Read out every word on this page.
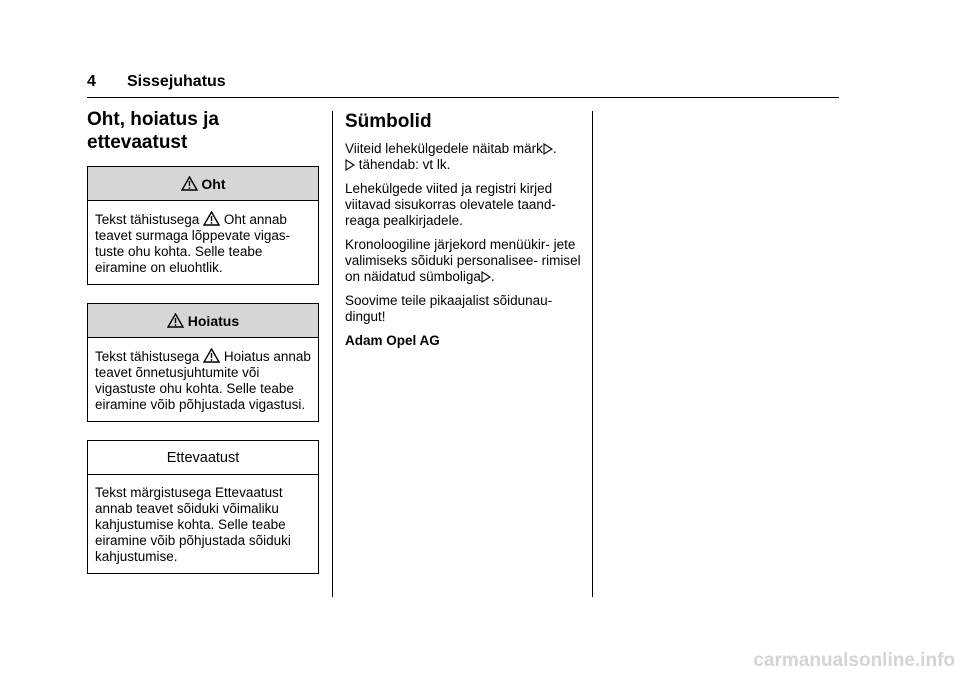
4 Sissejuhatus
Oht, hoiatus ja
ettevaatust
Oht
Tekst tähistusega Oht annab teavet surmaga lõppevate vigas- tuste ohu kohta. Selle teabe eiramine on eluohtlik.
Hoiatus
Tekst tähistusega Hoiatus annab teavet õnnetusjuhtumite või vigastuste ohu kohta. Selle teabe eiramine võib põhjustada vigastusi.
Ettevaatust
Tekst märgistusega Ettevaatust annab teavet sõiduki võimaliku kahjustumise kohta. Selle teabe eiramine võib põhjustada sõiduki kahjustumise.
Sümbolid

Viiteid lehekülgedele näitab märk .
tähendab: vt lk.

Lehekülgede viited ja registri kirjed viitavad sisukorras olevatele taand- reaga pealkirjadele.

Kronoloogiline järjekord menüükir- jete valimiseks sõiduki personalisee- rimisel on näidatud sümboliga .

Soovime teile pikaajalist sõidunau- dingut!

Adam Opel AG

carmanualsonline.info
